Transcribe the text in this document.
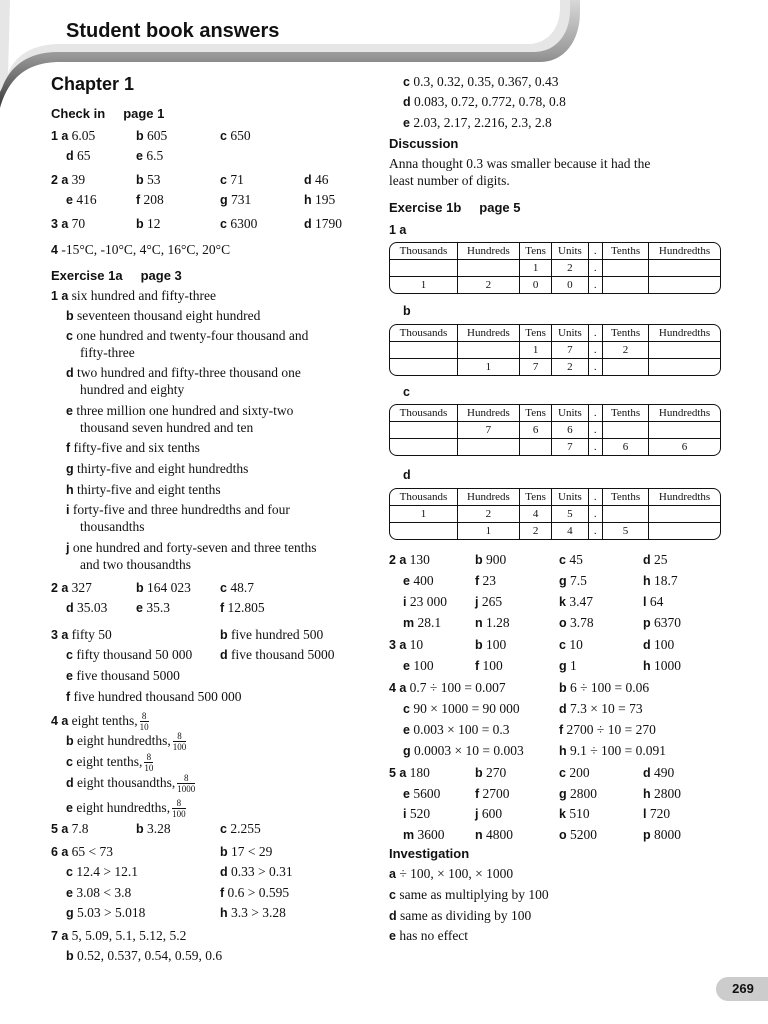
Student book answers
Chapter 1
Check in page 1
1 a 6.05	b 605	c 650
d 65	e 6.5
2 a 39	b 53	c 71	d 46
e 416	f 208	g 731	h 195
3 a 70	b 12	c 6300	d 1790
4 -15°C, -10°C, 4°C, 16°C, 20°C
Exercise 1a page 3
1 a six hundred and fifty-three
b seventeen thousand eight hundred
c one hundred and twenty-four thousand and
fifty-three
d two hundred and fifty-three thousand one
hundred and eighty
e three million one hundred and sixty-two
thousand seven hundred and ten
f fifty-five and six tenths
g thirty-five and eight hundredths
h thirty-five and eight tenths
i forty-five and three hundredths and four
thousandths
j one hundred and forty-seven and three tenths
and two thousandths
2 a 327	b 164 023 c 48.7
d 35.03 e 35.3	f 12.805
3 a fifty 50	b five hundred 500
c fifty thousand 50 000 d five thousand 5000
e five thousand 5000
f five hundred thousand 500 000
4 a eight tenths, $\frac{8}{10}$
b eight hundredths, $\frac{8}{100}$
c eight tenths, $\frac{8}{10}$
d eight thousandths, $\frac{8}{1000}$
e eight hundredths, $\frac{8}{100}$
5 a 7.8	b 3.28	c 2.255
6 a 65 < 73	b 17 < 29
c 12.4 > 12.1	d 0.33 > 0.31
e 3.08 < 3.8	f 0.6 > 0.595
g 5.03 > 5.018	h 3.3 > 3.28
7 a 5, 5.09, 5.1, 5.12, 5.2
b 0.52, 0.537, 0.54, 0.59, 0.6
c 0.3, 0.32, 0.35, 0.367, 0.43
d 0.083, 0.72, 0.772, 0.78, 0.8
e 2.03, 2.17, 2.216, 2.3, 2.8
Discussion
Anna thought 0.3 was smaller because it had the
least number of digits.
Exercise 1b page 5
1 a
Thousands	Hundreds	Tens	Units	.	Tenths	Hundredths
		1	2	.		
1	2	0	0	.		
b
Thousands	Hundreds	Tens	Units	.	Tenths	Hundredths
		1	7	.	2	
	1	7	2	.		
c
Thousands	Hundreds	Tens	Units	.	Tenths	Hundredths
	7	6	6	.		
			7	.	6	6
d
Thousands	Hundreds	Tens	Units	.	Tenths	Hundredths
1	2	4	5	.		
	1	2	4	.	5	
2 a 130	b 900	c 45	d 25
e 400	f 23	g 7.5	h 18.7
i 23 000 j 265	k 3.47	l 64
m 28.1	n 1.28	o 3.78	p 6370
3 a 10	b 100	c 10	d 100
e 100	f 100	g 1	h 1000
4 a 0.7 ÷ 100 = 0.007	b 6 ÷ 100 = 0.06
c 90 × 1000 = 90 000	d 7.3 × 10 = 73
e 0.003 × 100 = 0.3	f 2700 ÷ 10 = 270
g 0.0003 × 10 = 0.003	h 9.1 ÷ 100 = 0.091
5 a 180	b 270	c 200	d 490
e 5600	f 2700	g 2800	h 2800
i 520	j 600	k 510	l 720
m 3600 n 4800	o 5200	p 8000
Investigation
a ÷ 100, × 100, × 1000
c same as multiplying by 100
d same as dividing by 100
e has no effect
269
